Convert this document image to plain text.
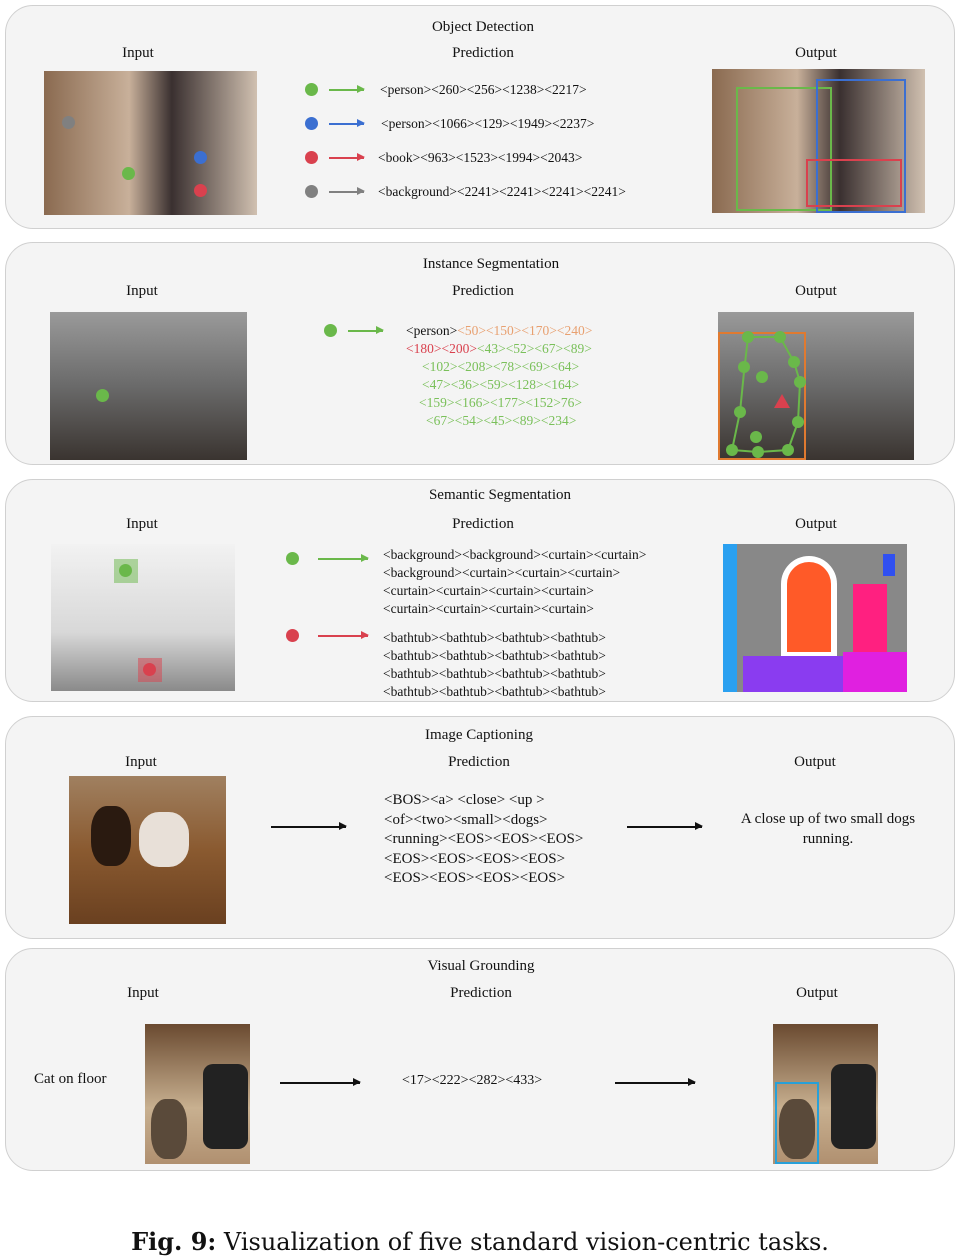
Object Detection
Input	Prediction	Output
<person><260><256><1238><2217>
<person><1066><129><1949><2237>
<book><963><1523><1994><2043>
<background><2241><2241><2241><2241>
Instance Segmentation
Input	Prediction	Output
<person><50><150><170><240>
<180><200><43><52><67><89>
<102><208><78><69><64>
<47><36><59><128><164>
<159><166><177><152>76>
<67><54><45><89><234>
Semantic Segmentation
Input	Prediction	Output
<background><background><curtain><curtain>
<background><curtain><curtain><curtain>
<curtain><curtain><curtain><curtain>
<curtain><curtain><curtain><curtain>
<bathtub><bathtub><bathtub><bathtub>
<bathtub><bathtub><bathtub><bathtub>
<bathtub><bathtub><bathtub><bathtub>
<bathtub><bathtub><bathtub><bathtub>
Image Captioning
Input	Prediction	Output
<BOS><a> <close> <up >
<of><two><small><dogs>
<running><EOS><EOS><EOS>
<EOS><EOS><EOS><EOS>
<EOS><EOS><EOS><EOS>
A close up of two small dogs
running.
Visual Grounding
Input	Prediction	Output
Cat on floor	<17><222><282><433>
Fig. 9: Visualization of five standard vision-centric tasks.
